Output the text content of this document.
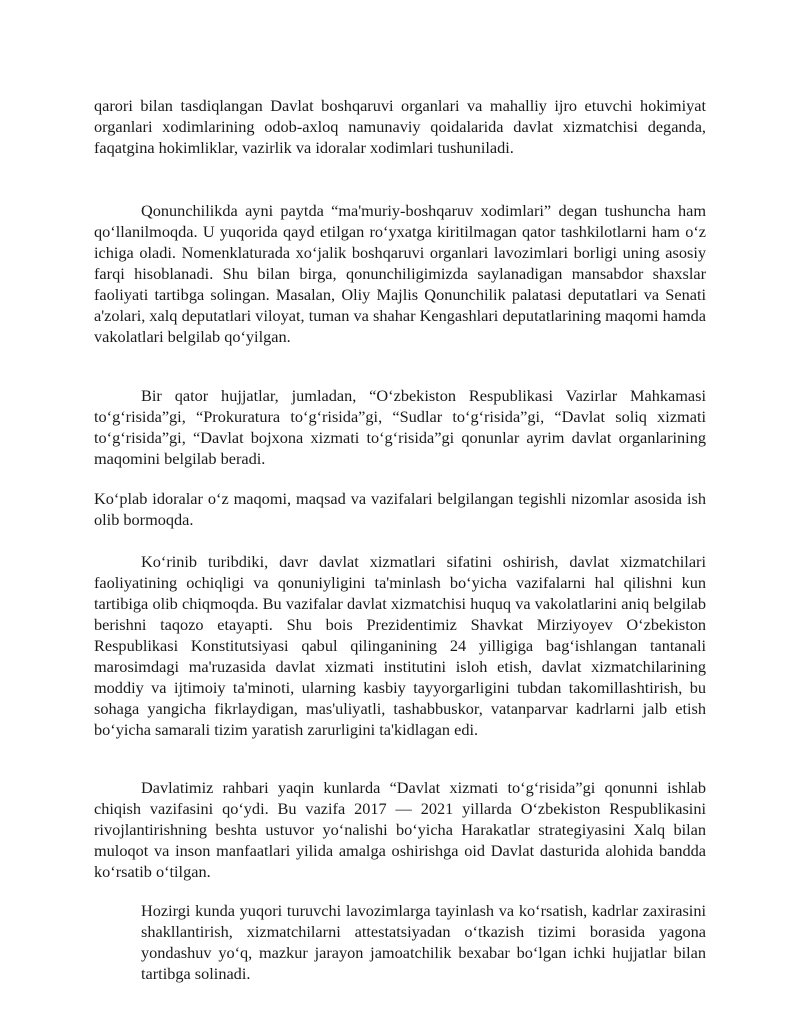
qarori bilan tasdiqlangan Davlat boshqaruvi organlari va mahalliy ijro etuvchi hokimiyat organlari xodimlarining odob-axloq namunaviy qoidalarida davlat xizmatchisi deganda, faqatgina hokimliklar, vazirlik va idoralar xodimlari tushuniladi.

Qonunchilikda ayni paytda “ma'muriy-boshqaruv xodimlari” degan tushuncha ham qo‘llanilmoqda. U yuqorida qayd etilgan ro‘yxatga kiritilmagan qator tashkilotlarni ham o‘z ichiga oladi. Nomenklaturada xo‘jalik boshqaruvi organlari lavozimlari borligi uning asosiy farqi hisoblanadi. Shu bilan birga, qonunchiligimizda saylanadigan mansabdor shaxslar faoliyati tartibga solingan. Masalan, Oliy Majlis Qonunchilik palatasi deputatlari va Senati a'zolari, xalq deputatlari viloyat, tuman va shahar Kengashlari deputatlarining maqomi hamda vakolatlari belgilab qo‘yilgan.

Bir qator hujjatlar, jumladan, “O‘zbekiston Respublikasi Vazirlar Mahkamasi to‘g‘risida”gi, “Prokuratura to‘g‘risida”gi, “Sudlar to‘g‘risida”gi, “Davlat soliq xizmati to‘g‘risida”gi, “Davlat bojxona xizmati to‘g‘risida”gi qonunlar ayrim davlat organlarining maqomini belgilab beradi.

Ko‘plab idoralar o‘z maqomi, maqsad va vazifalari belgilangan tegishli nizomlar asosida ish olib bormoqda.

Ko‘rinib turibdiki, davr davlat xizmatlari sifatini oshirish, davlat xizmatchilari faoliyatining ochiqligi va qonuniyligini ta'minlash bo‘yicha vazifalarni hal qilishni kun tartibiga olib chiqmoqda. Bu vazifalar davlat xizmatchisi huquq va vakolatlarini aniq belgilab berishni taqozo etayapti. Shu bois Prezidentimiz Shavkat Mirziyoyev O‘zbekiston Respublikasi Konstitutsiyasi qabul qilinganining 24 yilligiga bag‘ishlangan tantanali marosimdagi ma'ruzasida davlat xizmati institutini isloh etish, davlat xizmatchilarining moddiy va ijtimoiy ta'minoti, ularning kasbiy tayyorgarligini tubdan takomillashtirish, bu sohaga yangicha fikrlaydigan, mas'uliyatli, tashabbuskor, vatanparvar kadrlarni jalb etish bo‘yicha samarali tizim yaratish zarurligini ta'kidlagan edi.

Davlatimiz rahbari yaqin kunlarda “Davlat xizmati to‘g‘risida”gi qonunni ishlab chiqish vazifasini qo‘ydi. Bu vazifa 2017 — 2021 yillarda O‘zbekiston Respublikasini rivojlantirishning beshta ustuvor yo‘nalishi bo‘yicha Harakatlar strategiyasini Xalq bilan muloqot va inson manfaatlari yilida amalga oshirishga oid Davlat dasturida alohida bandda ko‘rsatib o‘tilgan.

Hozirgi kunda yuqori turuvchi lavozimlarga tayinlash va ko‘rsatish, kadrlar zaxirasini shakllantirish, xizmatchilarni attestatsiyadan o‘tkazish tizimi borasida yagona yondashuv yo‘q, mazkur jarayon jamoatchilik bexabar bo‘lgan ichki hujjatlar bilan tartibga solinadi.
